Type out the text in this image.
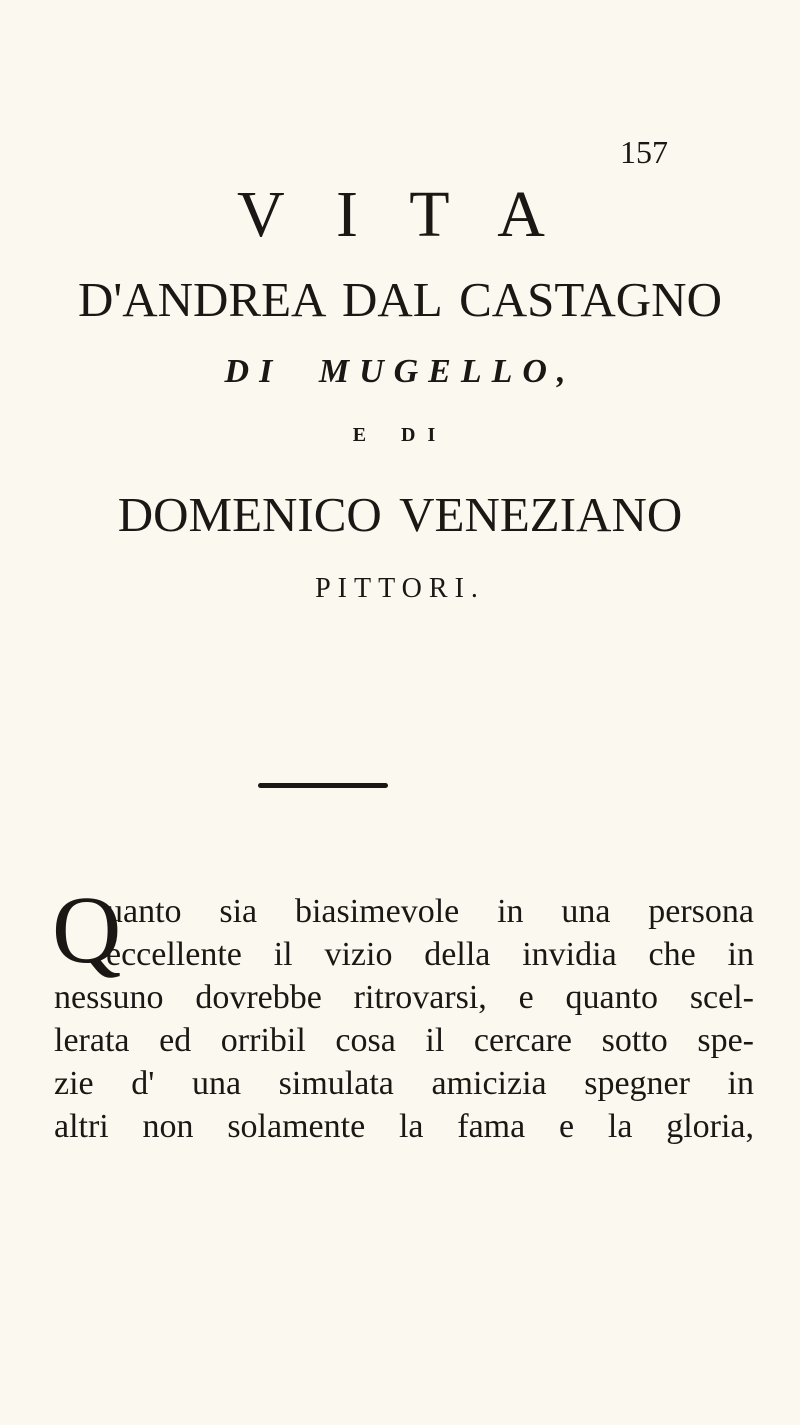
157
V I T A
D'ANDREA DAL CASTAGNO
DI MUGELLO,
E DI
DOMENICO VENEZIANO
PITTORI.
Q
uanto sia biasimevole in una persona
eccellente il vizio della invidia che in
nessuno dovrebbe ritrovarsi, e quanto scel-
lerata ed orribil cosa il cercare sotto spe-
zie d' una simulata amicizia spegner in
altri non solamente la fama e la gloria,
